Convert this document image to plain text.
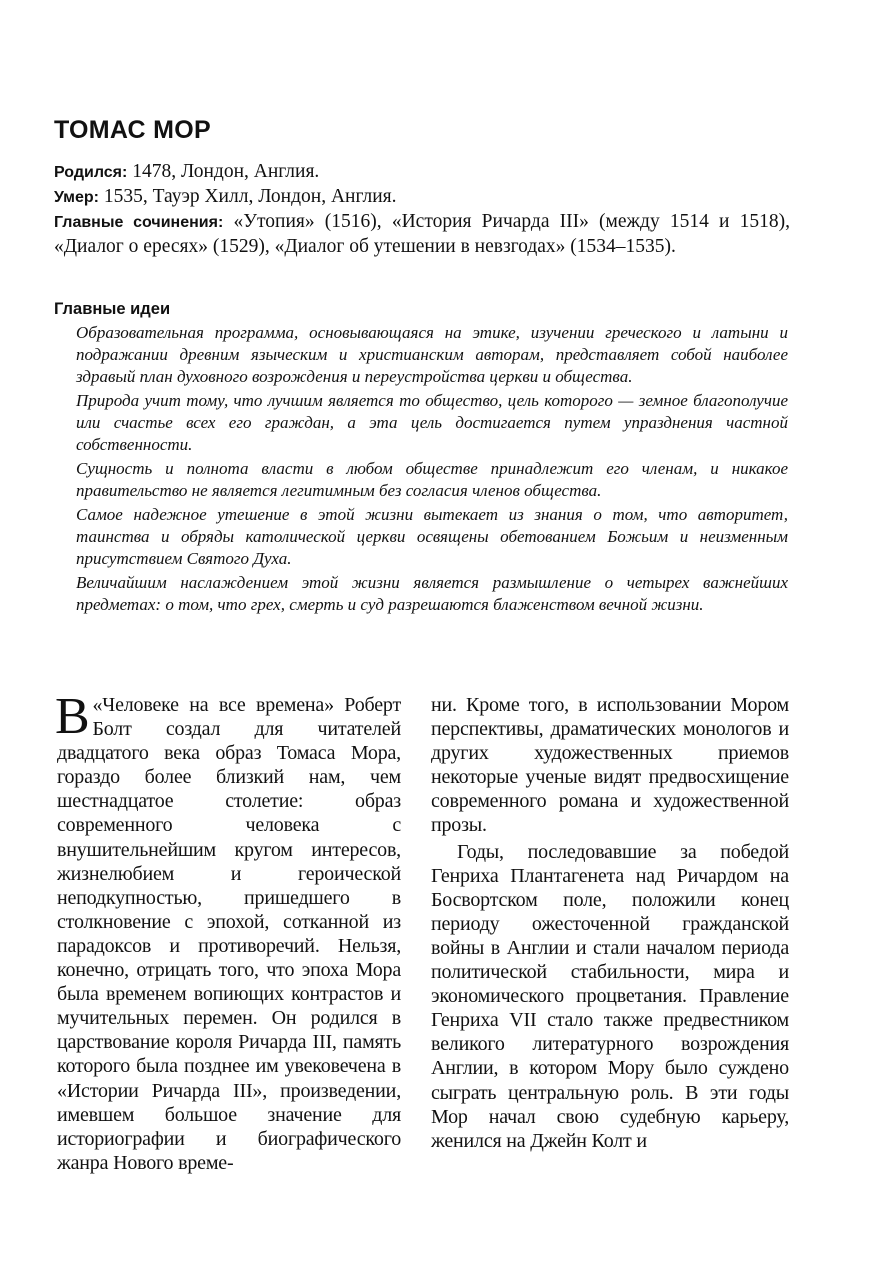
ТОМАС МОР

Родился: 1478, Лондон, Англия.

Умер: 1535, Тауэр Хилл, Лондон, Англия.

Главные сочинения: «Утопия» (1516), «История Ричарда III» (между 1514 и 1518), «Диалог о ересях» (1529), «Диалог об утешении в невзгодах» (1534–1535).

Главные идеи

Образовательная программа, основывающаяся на этике, изучении греческого и латыни и подражании древним языческим и христианским авторам, представляет собой наиболее здравый план духовного возрождения и переустройства церкви и общества.

Природа учит тому, что лучшим является то общество, цель которого — земное благополучие или счастье всех его граждан, а эта цель достигается путем упразднения частной собственности.

Сущность и полнота власти в любом обществе принадлежит его членам, и никакое правительство не является легитимным без согласия членов общества.

Самое надежное утешение в этой жизни вытекает из знания о том, что авторитет, таинства и обряды католической церкви освящены обетованием Божьим и неизменным присутствием Святого Духа.

Величайшим наслаждением этой жизни является размышление о четырех важнейших предметах: о том, что грех, смерть и суд разрешаются блаженством вечной жизни.

В «Человеке на все времена» Роберт Болт создал для читателей двадцатого века образ Томаса Мора, гораздо более близкий нам, чем шестнадцатое столетие: образ современного человека с внушительнейшим кругом интересов, жизнелюбием и героической неподкупностью, пришедшего в столкновение с эпохой, сотканной из парадоксов и противоречий. Нельзя, конечно, отрицать того, что эпоха Мора была временем вопиющих контрастов и мучительных перемен. Он родился в царствование короля Ричарда III, память которого была позднее им увековечена в «Истории Ричарда III», произведении, имевшем большое значение для историографии и биографического жанра Нового време-

ни. Кроме того, в использовании Мором перспективы, драматических монологов и других художественных приемов некоторые ученые видят предвосхищение современного романа и художественной прозы.

Годы, последовавшие за победой Генриха Плантагенета над Ричардом на Босвортском поле, положили конец периоду ожесточенной гражданской войны в Англии и стали началом периода политической стабильности, мира и экономического процветания. Правление Генриха VII стало также предвестником великого литературного возрождения Англии, в котором Мору было суждено сыграть центральную роль. В эти годы Мор начал свою судебную карьеру, женился на Джейн Колт и
